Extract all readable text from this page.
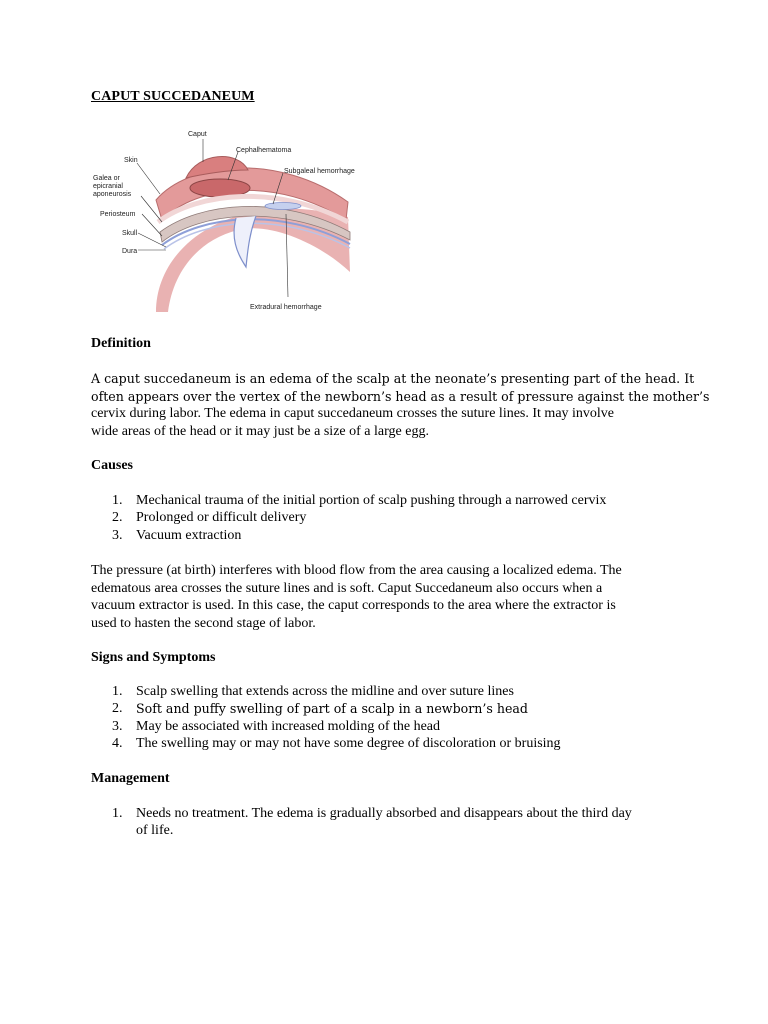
CAPUT SUCCEDANEUM
Caput
Cephalhematoma
Skin
Subgaleal hemorrhage
Galea or
epicranial
aponeurosis
Periosteum
Skull
Dura
Extradural hemorrhage
Definition
A caput succedaneum is an edema of the scalp at the neonate’s presenting part of the head. It
often appears over the vertex of the newborn’s head as a result of pressure against the mother’s
cervix during labor. The edema in caput succedaneum crosses the suture lines. It may involve
wide areas of the head or it may just be a size of a large egg.
Causes
1. Mechanical trauma of the initial portion of scalp pushing through a narrowed cervix
2. Prolonged or difficult delivery
3. Vacuum extraction
The pressure (at birth) interferes with blood flow from the area causing a localized edema. The
edematous area crosses the suture lines and is soft. Caput Succedaneum also occurs when a
vacuum extractor is used. In this case, the caput corresponds to the area where the extractor is
used to hasten the second stage of labor.
Signs and Symptoms
1. Scalp swelling that extends across the midline and over suture lines
2. Soft and puffy swelling of part of a scalp in a newborn’s head
3. May be associated with increased molding of the head
4. The swelling may or may not have some degree of discoloration or bruising
Management
1. Needs no treatment. The edema is gradually absorbed and disappears about the third day
of life.
